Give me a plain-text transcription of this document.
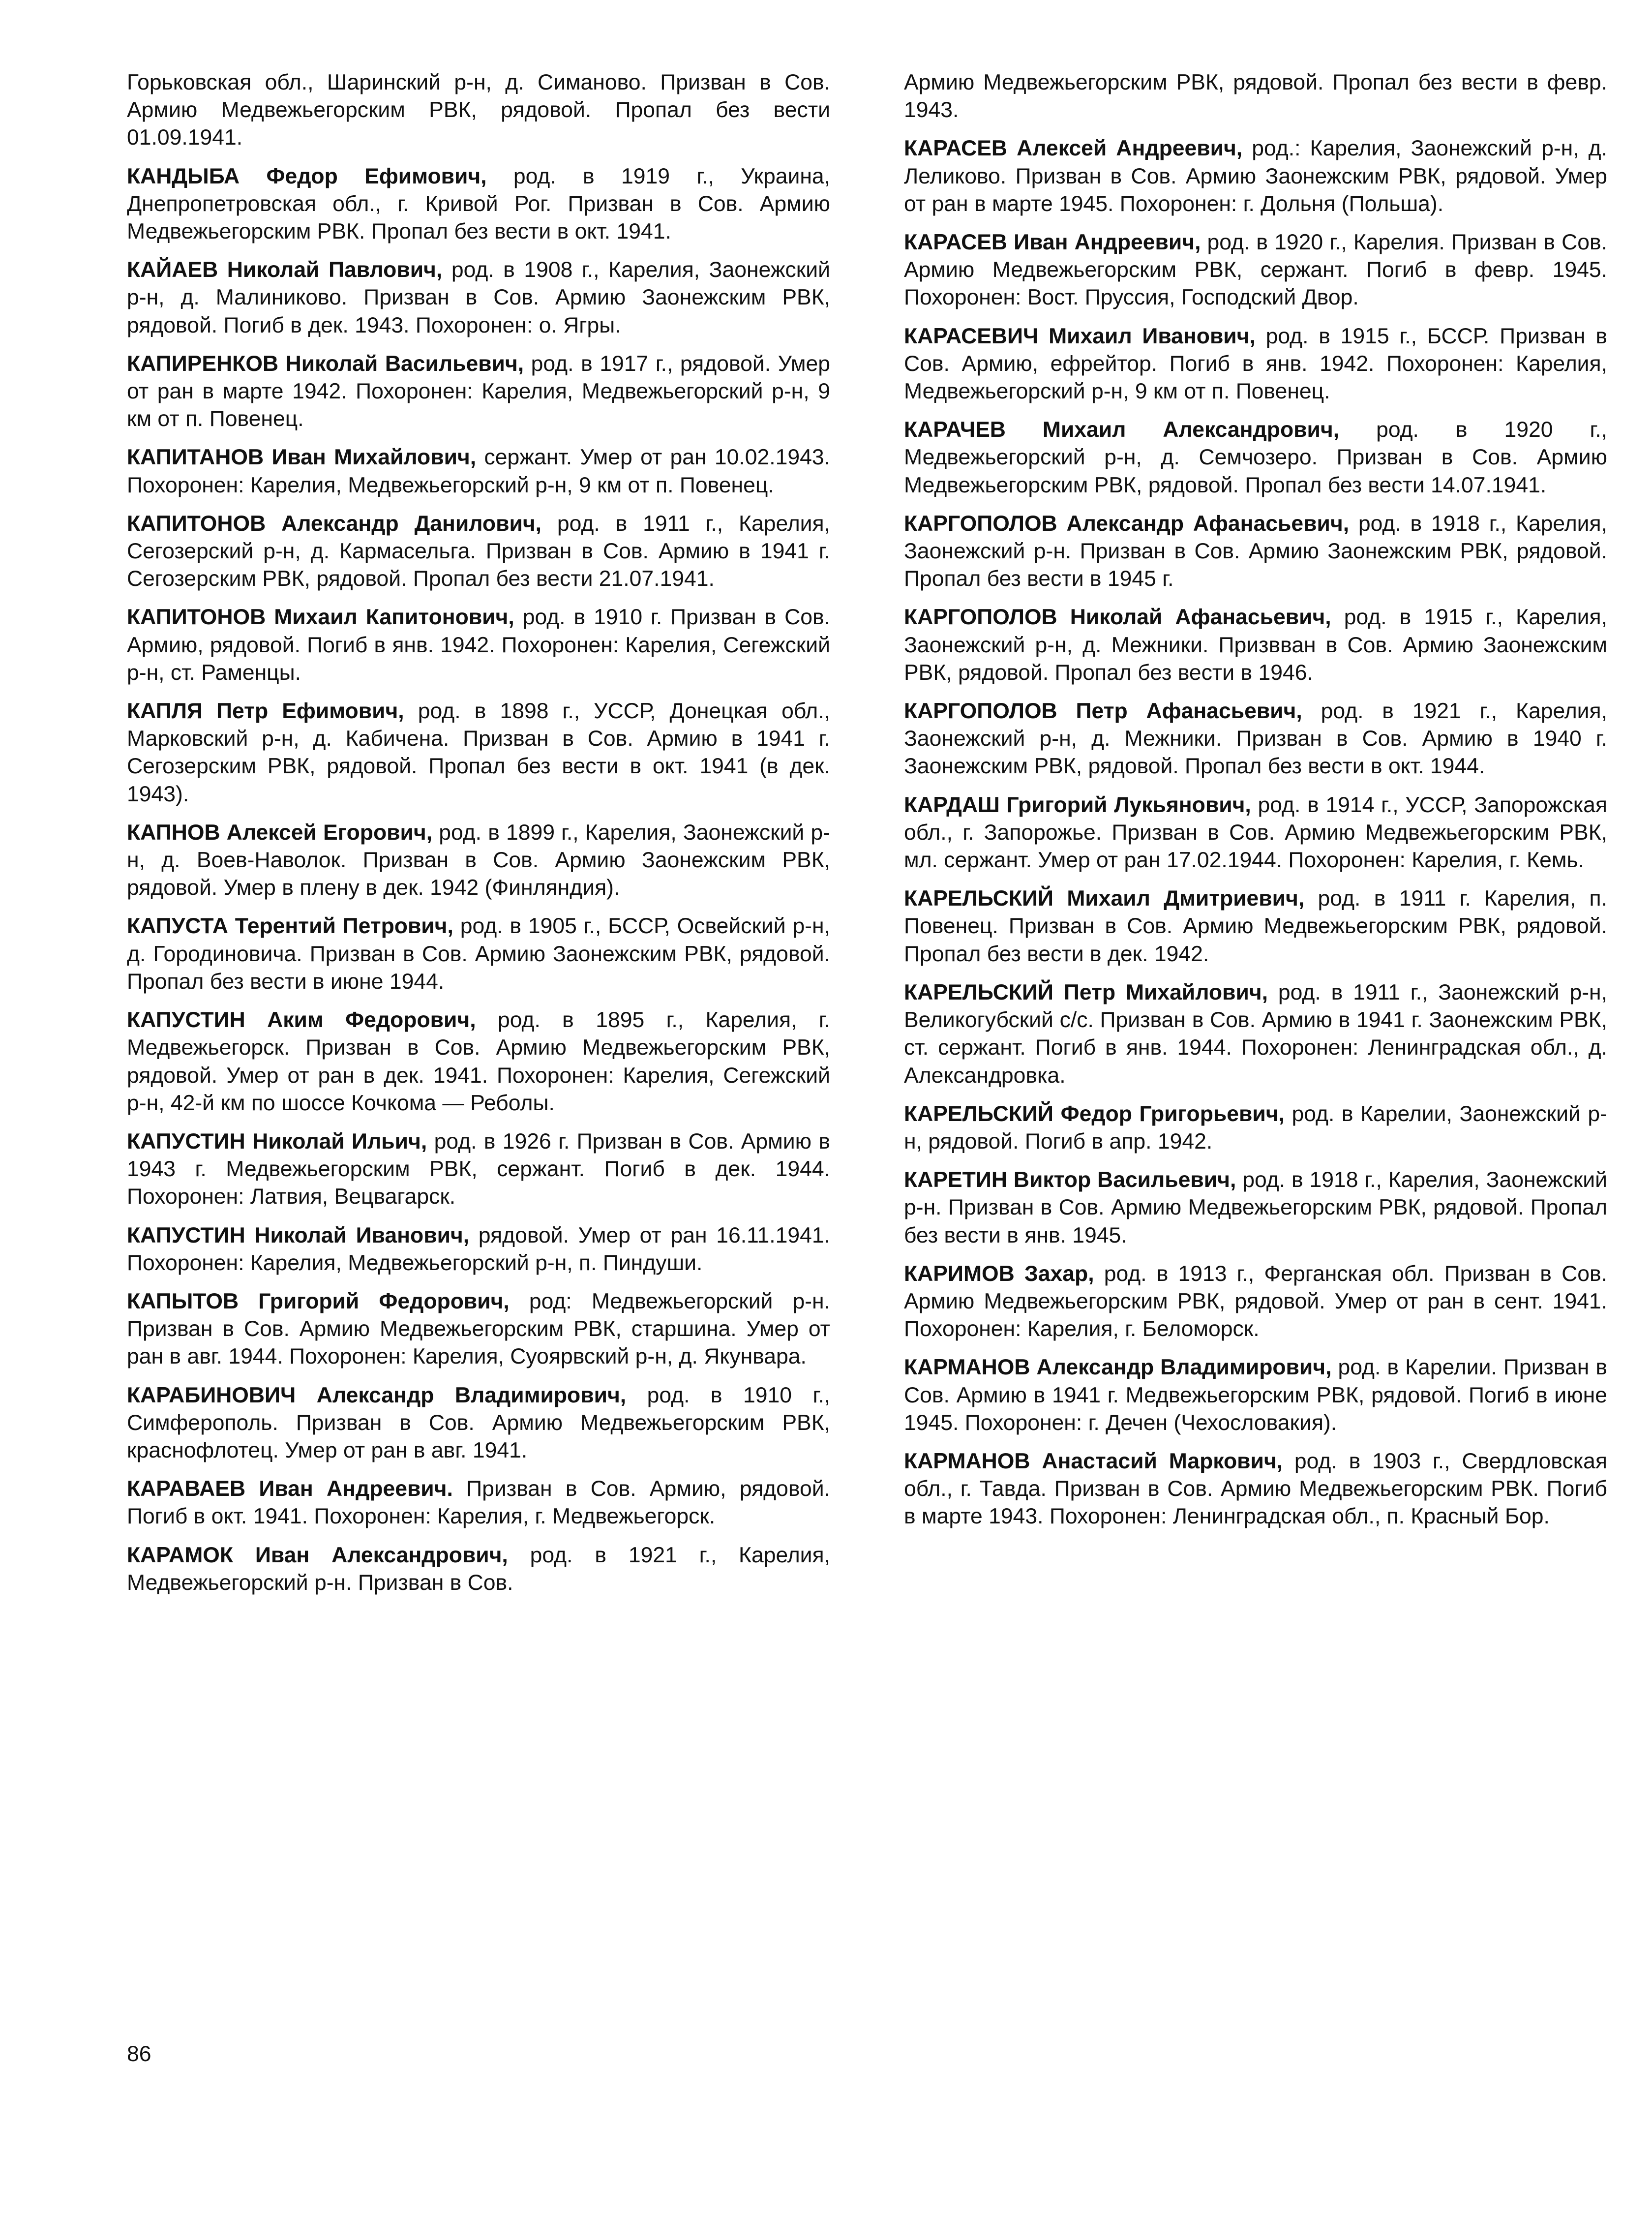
Горьковская обл., Шаринский р-н, д. Симаново. Призван в Сов. Армию Медвежьегорским РВК, рядовой. Пропал без вести 01.09.1941.

КАНДЫБА Федор Ефимович, род. в 1919 г., Украина, Днепропетровская обл., г. Кривой Рог. Призван в Сов. Армию Медвежьегорским РВК. Пропал без вести в окт. 1941.

КАЙАЕВ Николай Павлович, род. в 1908 г., Карелия, Заонежский р-н, д. Малиниково. Призван в Сов. Армию Заонежским РВК, рядовой. Погиб в дек. 1943. Похоронен: о. Ягры.

КАПИРЕНКОВ Николай Васильевич, род. в 1917 г., рядовой. Умер от ран в марте 1942. Похоронен: Карелия, Медвежьегорский р-н, 9 км от п. Повенец.

КАПИТАНОВ Иван Михайлович, сержант. Умер от ран 10.02.1943. Похоронен: Карелия, Медвежьегорский р-н, 9 км от п. Повенец.

КАПИТОНОВ Александр Данилович, род. в 1911 г., Карелия, Сегозерский р-н, д. Кармасельга. Призван в Сов. Армию в 1941 г. Сегозерским РВК, рядовой. Пропал без вести 21.07.1941.

КАПИТОНОВ Михаил Капитонович, род. в 1910 г. Призван в Сов. Армию, рядовой. Погиб в янв. 1942. Похоронен: Карелия, Сегежский р-н, ст. Раменцы.

КАПЛЯ Петр Ефимович, род. в 1898 г., УССР, Донецкая обл., Марковский р-н, д. Кабичена. Призван в Сов. Армию в 1941 г. Сегозерским РВК, рядовой. Пропал без вести в окт. 1941 (в дек. 1943).

КАПНОВ Алексей Егорович, род. в 1899 г., Карелия, Заонежский р-н, д. Воев-Наволок. Призван в Сов. Армию Заонежским РВК, рядовой. Умер в плену в дек. 1942 (Финляндия).

КАПУСТА Терентий Петрович, род. в 1905 г., БССР, Освейский р-н, д. Городиновича. Призван в Сов. Армию Заонежским РВК, рядовой. Пропал без вести в июне 1944.

КАПУСТИН Аким Федорович, род. в 1895 г., Карелия, г. Медвежьегорск. Призван в Сов. Армию Медвежьегорским РВК, рядовой. Умер от ран в дек. 1941. Похоронен: Карелия, Сегежский р-н, 42-й км по шоссе Кочкома — Реболы.

КАПУСТИН Николай Ильич, род. в 1926 г. Призван в Сов. Армию в 1943 г. Медвежьегорским РВК, сержант. Погиб в дек. 1944. Похоронен: Латвия, Вецвагарск.

КАПУСТИН Николай Иванович, рядовой. Умер от ран 16.11.1941. Похоронен: Карелия, Медвежьегорский р-н, п. Пиндуши.

КАПЫТОВ Григорий Федорович, род: Медвежьегорский р-н. Призван в Сов. Армию Медвежьегорским РВК, старшина. Умер от ран в авг. 1944. Похоронен: Карелия, Суоярвский р-н, д. Якунвара.

КАРАБИНОВИЧ Александр Владимирович, род. в 1910 г., Симферополь. Призван в Сов. Армию Медвежьегорским РВК, краснофлотец. Умер от ран в авг. 1941.

КАРАВАЕВ Иван Андреевич. Призван в Сов. Армию, рядовой. Погиб в окт. 1941. Похоронен: Карелия, г. Медвежьегорск.

КАРАМОК Иван Александрович, род. в 1921 г., Карелия, Медвежьегорский р-н. Призван в Сов.

Армию Медвежьегорским РВК, рядовой. Пропал без вести в февр. 1943.

КАРАСЕВ Алексей Андреевич, род.: Карелия, Заонежский р-н, д. Леликово. Призван в Сов. Армию Заонежским РВК, рядовой. Умер от ран в марте 1945. Похоронен: г. Дольня (Польша).

КАРАСЕВ Иван Андреевич, род. в 1920 г., Карелия. Призван в Сов. Армию Медвежьегорским РВК, сержант. Погиб в февр. 1945. Похоронен: Вост. Пруссия, Господский Двор.

КАРАСЕВИЧ Михаил Иванович, род. в 1915 г., БССР. Призван в Сов. Армию, ефрейтор. Погиб в янв. 1942. Похоронен: Карелия, Медвежьегорский р-н, 9 км от п. Повенец.

КАРАЧЕВ Михаил Александрович, род. в 1920 г., Медвежьегорский р-н, д. Семчозеро. Призван в Сов. Армию Медвежьегорским РВК, рядовой. Пропал без вести 14.07.1941.

КАРГОПОЛОВ Александр Афанасьевич, род. в 1918 г., Карелия, Заонежский р-н. Призван в Сов. Армию Заонежским РВК, рядовой. Пропал без вести в 1945 г.

КАРГОПОЛОВ Николай Афанасьевич, род. в 1915 г., Карелия, Заонежский р-н, д. Межники. Призвван в Сов. Армию Заонежским РВК, рядовой. Пропал без вести в 1946.

КАРГОПОЛОВ Петр Афанасьевич, род. в 1921 г., Карелия, Заонежский р-н, д. Межники. Призван в Сов. Армию в 1940 г. Заонежским РВК, рядовой. Пропал без вести в окт. 1944.

КАРДАШ Григорий Лукьянович, род. в 1914 г., УССР, Запорожская обл., г. Запорожье. Призван в Сов. Армию Медвежьегорским РВК, мл. сержант. Умер от ран 17.02.1944. Похоронен: Карелия, г. Кемь.

КАРЕЛЬСКИЙ Михаил Дмитриевич, род. в 1911 г. Карелия, п. Повенец. Призван в Сов. Армию Медвежьегорским РВК, рядовой. Пропал без вести в дек. 1942.

КАРЕЛЬСКИЙ Петр Михайлович, род. в 1911 г., Заонежский р-н, Великогубский с/с. Призван в Сов. Армию в 1941 г. Заонежским РВК, ст. сержант. Погиб в янв. 1944. Похоронен: Ленинградская обл., д. Александровка.

КАРЕЛЬСКИЙ Федор Григорьевич, род. в Карелии, Заонежский р-н, рядовой. Погиб в апр. 1942.

КАРЕТИН Виктор Васильевич, род. в 1918 г., Карелия, Заонежский р-н. Призван в Сов. Армию Медвежьегорским РВК, рядовой. Пропал без вести в янв. 1945.

КАРИМОВ Захар, род. в 1913 г., Ферганская обл. Призван в Сов. Армию Медвежьегорским РВК, рядовой. Умер от ран в сент. 1941. Похоронен: Карелия, г. Беломорск.

КАРМАНОВ Александр Владимирович, род. в Карелии. Призван в Сов. Армию в 1941 г. Медвежьегорским РВК, рядовой. Погиб в июне 1945. Похоронен: г. Дечен (Чехословакия).

КАРМАНОВ Анастасий Маркович, род. в 1903 г., Свердловская обл., г. Тавда. Призван в Сов. Армию Медвежьегорским РВК. Погиб в марте 1943. Похоронен: Ленинградская обл., п. Красный Бор.

86
